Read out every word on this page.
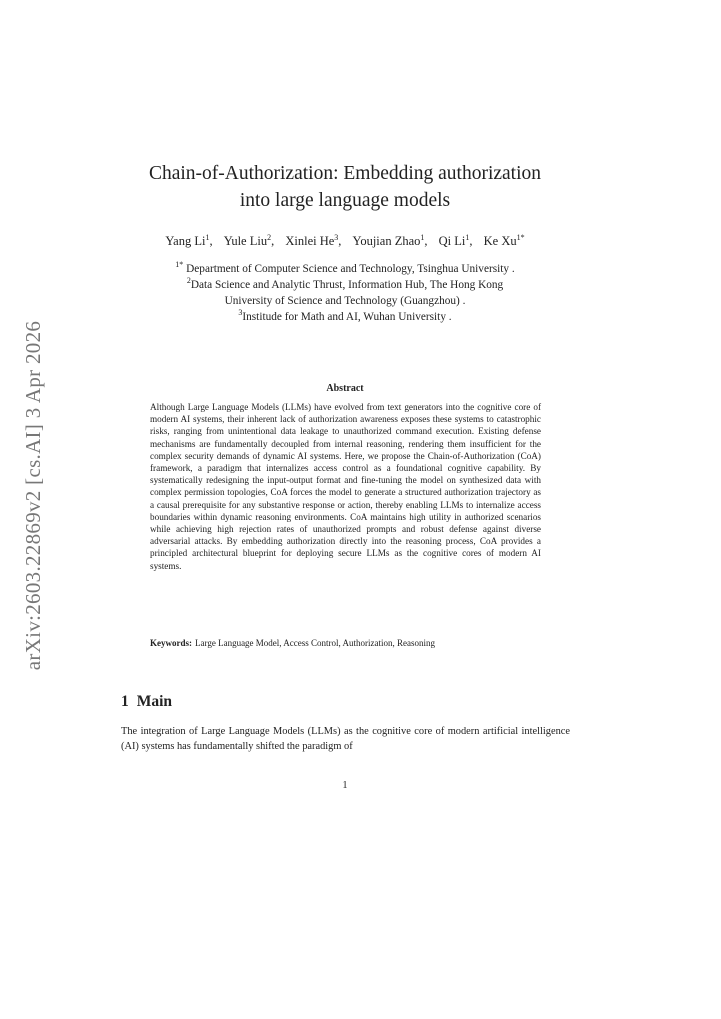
arXiv:2603.22869v2 [cs.AI] 3 Apr 2026
Chain-of-Authorization: Embedding authorization
into large language models
Yang Li$^1$, Yule Liu$^2$, Xinlei He$^3$, Youjian Zhao$^1$, Qi Li$^1$, Ke $Xu^{1*}$
$^{1*}$ Department of Computer Science and Technology, Tsinghua University .
$^2$Data Science and Analytic Thrust, Information Hub, The Hong Kong
University of Science and Technology (Guangzhou) .
$^3$Institude for Math and AI, Wuhan University .
Abstract

Although Large Language Models (LLMs) have evolved from text generators into the cognitive core of modern AI systems, their inherent lack of authorization awareness exposes these systems to catastrophic risks, ranging from unintentional data leakage to unauthorized command execution. Existing defense mechanisms are fundamentally decoupled from internal reasoning, rendering them insufficient for the complex security demands of dynamic AI systems. Here, we propose the Chain-of-Authorization (CoA) framework, a paradigm that internalizes access control as a foundational cognitive capability. By systematically redesigning the input-output format and fine-tuning the model on synthesized data with complex permission topologies, CoA forces the model to generate a structured authorization trajectory as a causal prerequisite for any substantive response or action, thereby enabling LLMs to internalize access boundaries within dynamic reasoning environments. CoA maintains high utility in authorized scenarios while achieving high rejection rates of unauthorized prompts and robust defense against diverse adversarial attacks. By embedding authorization directly into the reasoning process, CoA provides a principled architectural blueprint for deploying secure LLMs as the cognitive cores of modern AI systems.

Keywords: Large Language Model, Access Control, Authorization, Reasoning
1 Main

The integration of Large Language Models (LLMs) as the cognitive core of modern artificial intelligence (AI) systems has fundamentally shifted the paradigm of

1
